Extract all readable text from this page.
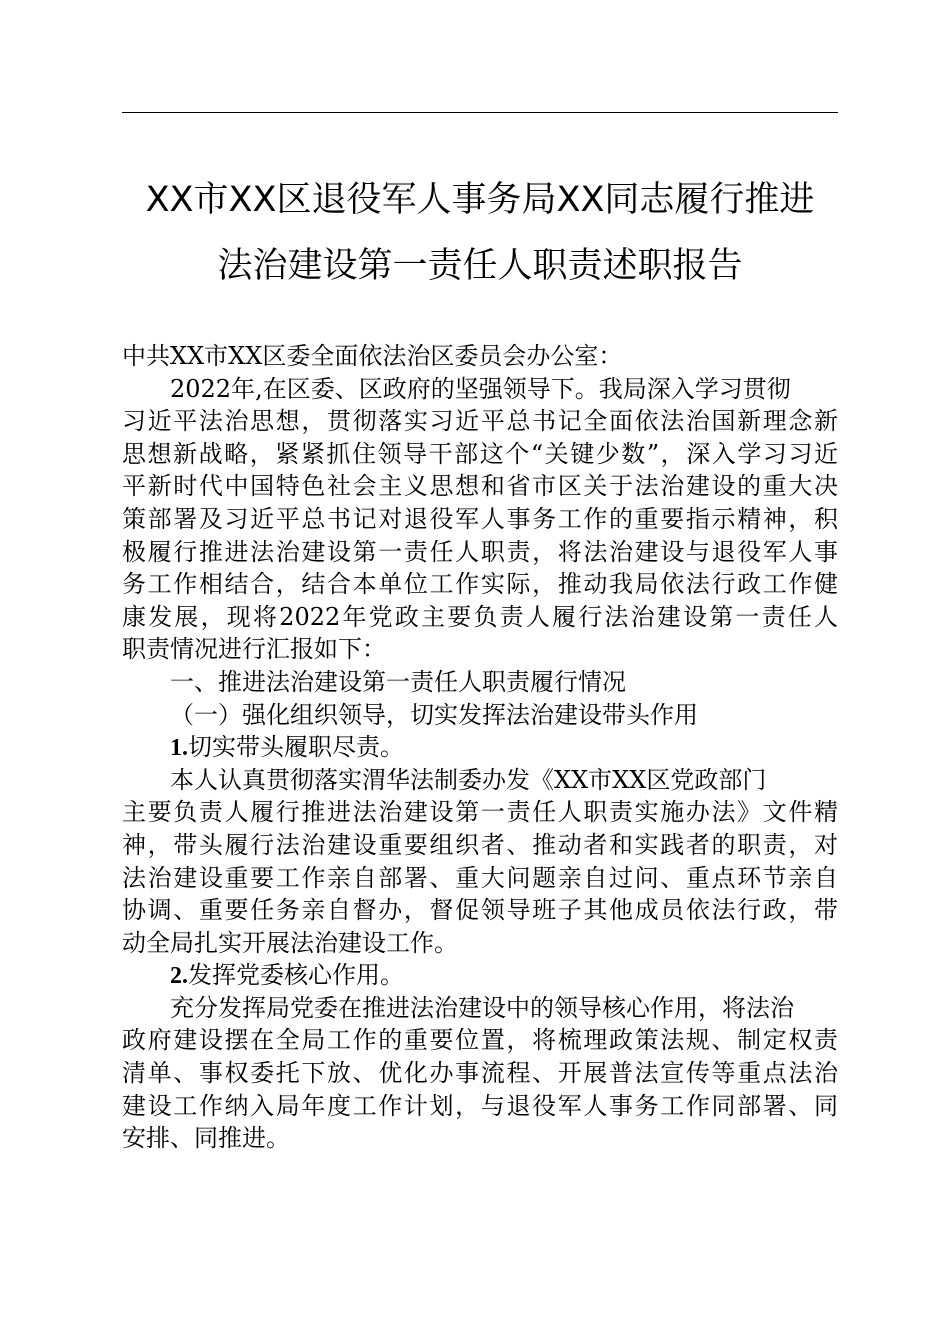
XX市XX区退役军人事务局XX同志履行推进
法治建设第一责任人职责述职报告
中共XX市XX区委全面依法治区委员会办公室：
2022年,在区委、区政府的坚强领导下。我局深入学习贯彻
习近平法治思想，贯彻落实习近平总书记全面依法治国新理念新
思想新战略，紧紧抓住领导干部这个“关键少数”，深入学习习近
平新时代中国特色社会主义思想和省市区关于法治建设的重大决
策部署及习近平总书记对退役军人事务工作的重要指示精神，积
极履行推进法治建设第一责任人职责，将法治建设与退役军人事
务工作相结合，结合本单位工作实际，推动我局依法行政工作健
康发展，现将2022年党政主要负责人履行法治建设第一责任人
职责情况进行汇报如下：
一、推进法治建设第一责任人职责履行情况
（一）强化组织领导，切实发挥法治建设带头作用
1.切实带头履职尽责。
本人认真贯彻落实渭华法制委办发《XX市XX区党政部门
主要负责人履行推进法治建设第一责任人职责实施办法》文件精
神，带头履行法治建设重要组织者、推动者和实践者的职责，对
法治建设重要工作亲自部署、重大问题亲自过问、重点环节亲自
协调、重要任务亲自督办，督促领导班子其他成员依法行政，带
动全局扎实开展法治建设工作。
2.发挥党委核心作用。
充分发挥局党委在推进法治建设中的领导核心作用，将法治
政府建设摆在全局工作的重要位置，将梳理政策法规、制定权责
清单、事权委托下放、优化办事流程、开展普法宣传等重点法治
建设工作纳入局年度工作计划，与退役军人事务工作同部署、同
安排、同推进。
